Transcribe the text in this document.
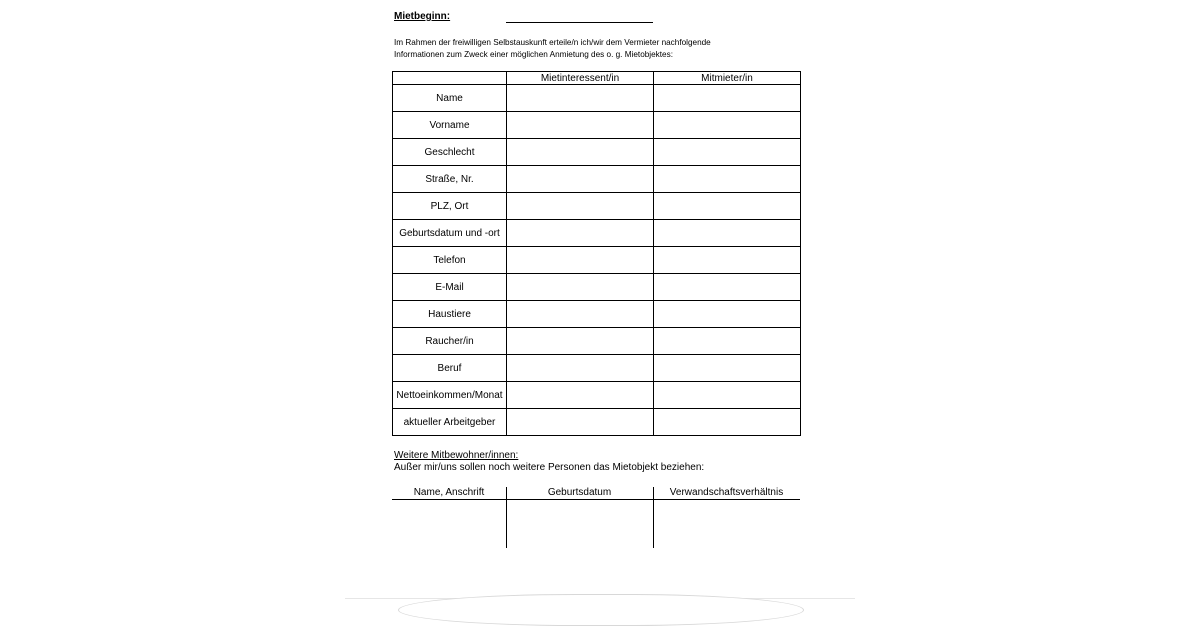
Mietbeginn:
Im Rahmen der freiwilligen Selbstauskunft erteile/n ich/wir dem Vermieter nachfolgende
Informationen zum Zweck einer möglichen Anmietung des o. g. Mietobjektes:
	Mietinteressent/in	Mitmieter/in
Name		
Vorname		
Geschlecht		
Straße, Nr.		
PLZ, Ort		
Geburtsdatum und -ort		
Telefon		
E-Mail		
Haustiere		
Raucher/in		
Beruf		
Nettoeinkommen/Monat		
aktueller Arbeitgeber		
Weitere Mitbewohner/innen:
Außer mir/uns sollen noch weitere Personen das Mietobjekt beziehen:
Name, Anschrift	Geburtsdatum	Verwandschaftsverhältnis
